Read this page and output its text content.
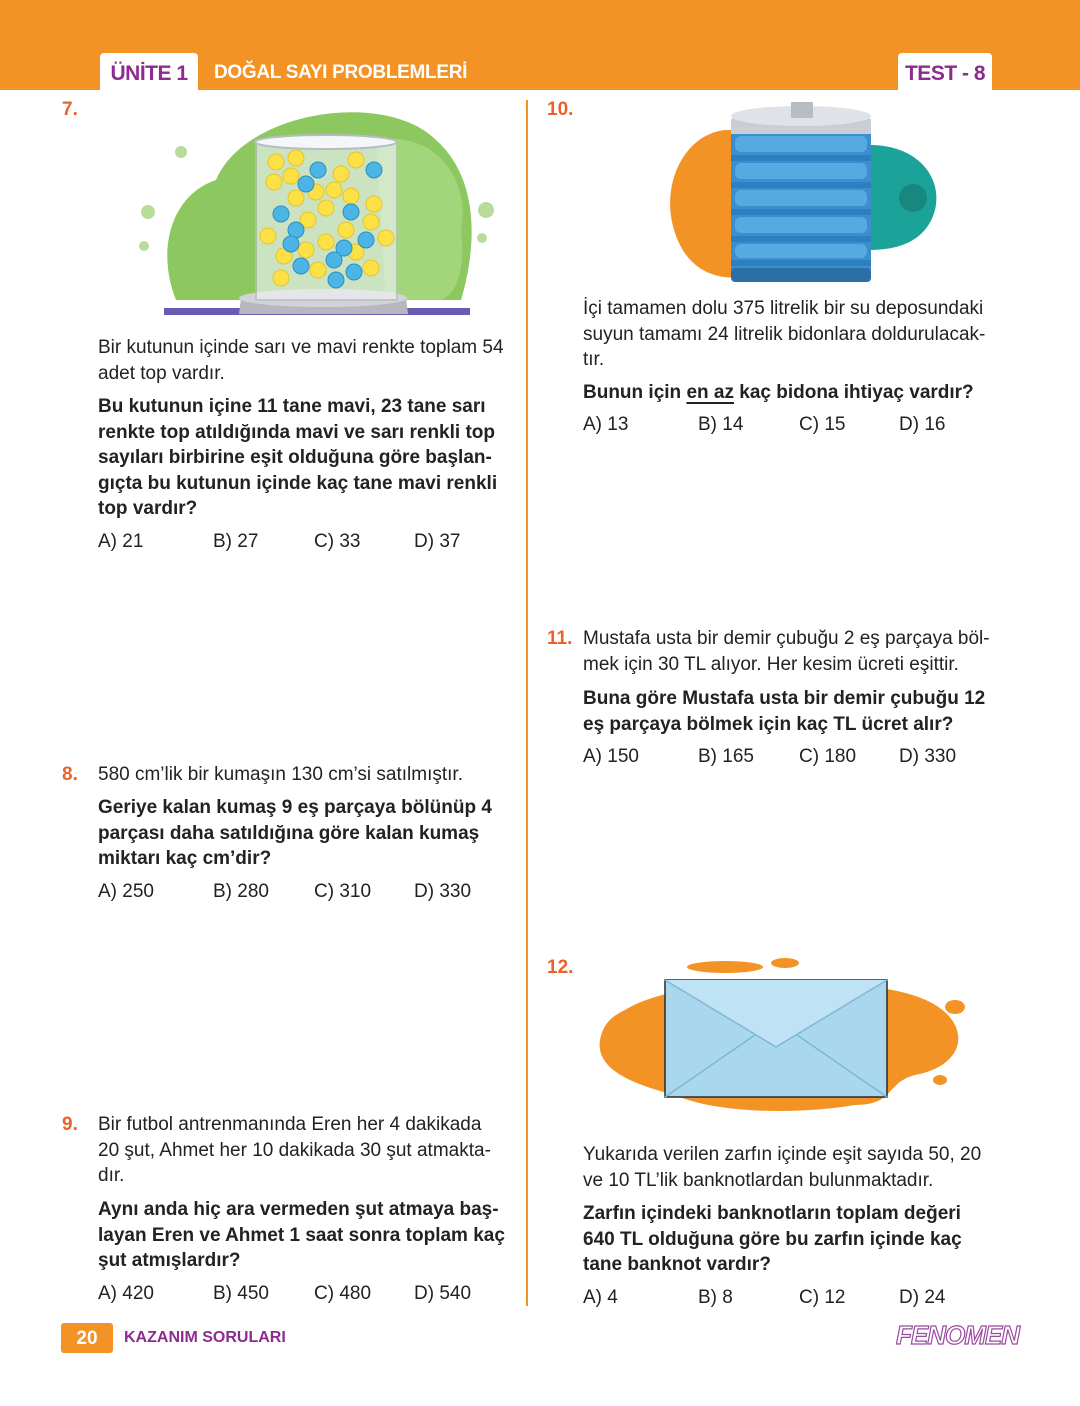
ÜNİTE 1	DOĞAL SAYI PROBLEMLERİ	TEST - 8
7.
Bir kutunun içinde sarı ve mavi renkte toplam 54
adet top vardır.
Bu kutunun içine 11 tane mavi, 23 tane sarı
renkte top atıldığında mavi ve sarı renkli top
sayıları birbirine eşit olduğuna göre başlan-
gıçta bu kutunun içinde kaç tane mavi renkli
top vardır?
A) 21	B) 27	C) 33	D) 37
8. 580 cm’lik bir kumaşın 130 cm’si satılmıştır.
Geriye kalan kumaş 9 eş parçaya bölünüp 4
parçası daha satıldığına göre kalan kumaş
miktarı kaç cm’dir?
A) 250	B) 280 C) 310 D) 330
9. Bir futbol antrenmanında Eren her 4 dakikada
20 şut, Ahmet her 10 dakikada 30 şut atmakta-
dır.
Aynı anda hiç ara vermeden şut atmaya baş-
layan Eren ve Ahmet 1 saat sonra toplam kaç
şut atmışlardır?
A) 420	B) 450 C) 480 D) 540
10.
İçi tamamen dolu 375 litrelik bir su deposundaki
suyun tamamı 24 litrelik bidonlara doldurulacak-
tır.
Bunun için en az kaç bidona ihtiyaç vardır?
A) 13	B) 14	C) 15	D) 16
11. Mustafa usta bir demir çubuğu 2 eş parçaya böl-
mek için 30 TL alıyor. Her kesim ücreti eşittir.
Buna göre Mustafa usta bir demir çubuğu 12
eş parçaya bölmek için kaç TL ücret alır?
A) 150	B) 165 C) 180 D) 330
12.
Yukarıda verilen zarfın içinde eşit sayıda 50, 20
ve 10 TL’lik banknotlardan bulunmaktadır.
Zarfın içindeki banknotların toplam değeri
640 TL olduğuna göre bu zarfın içinde kaç
tane banknot vardır?
A) 4	B) 8	C) 12	D) 24
20	KAZANIM SORULARI	FENOMEN
